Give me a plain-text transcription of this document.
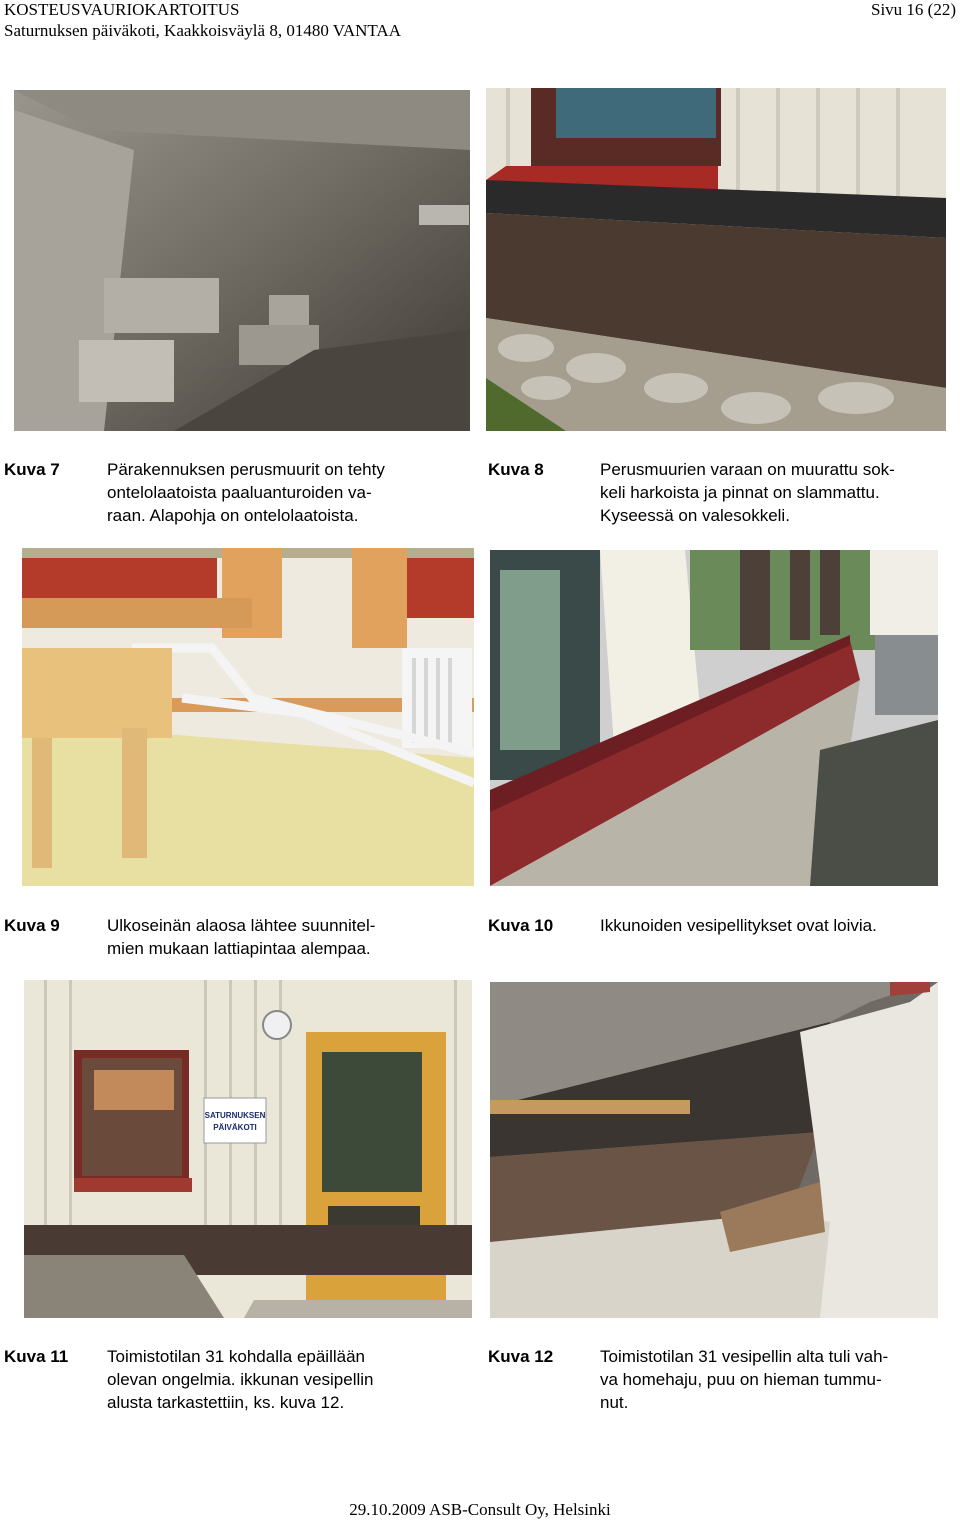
KOSTEUSVAURIOKARTOITUS
Saturnuksen päiväkoti, Kaakkoisväylä 8, 01480 VANTAA
Sivu 16 (22)
Kuva 7	Pärakennuksen perusmuurit on tehty
ontelolaatoista paaluanturoiden va-
raan. Alapohja on ontelolaatoista.
Kuva 8	Perusmuurien varaan on muurattu sok-
keli harkoista ja pinnat on slammattu.
Kyseessä on valesokkeli.
Kuva 9	Ulkoseinän alaosa lähtee suunnitel-
mien mukaan lattiapintaa alempaa.
Kuva 10	Ikkunoiden vesipellitykset ovat loivia.
SATURNUKSEN
PÄIVÄKOTI
Kuva 11 Toimistotilan 31 kohdalla epäillään
olevan ongelmia. ikkunan vesipellin
alusta tarkastettiin, ks. kuva 12.
Kuva 12	Toimistotilan 31 vesipellin alta tuli vah-
va homehaju, puu on hieman tummu-
nut.
29.10.2009 ASB-Consult Oy, Helsinki
